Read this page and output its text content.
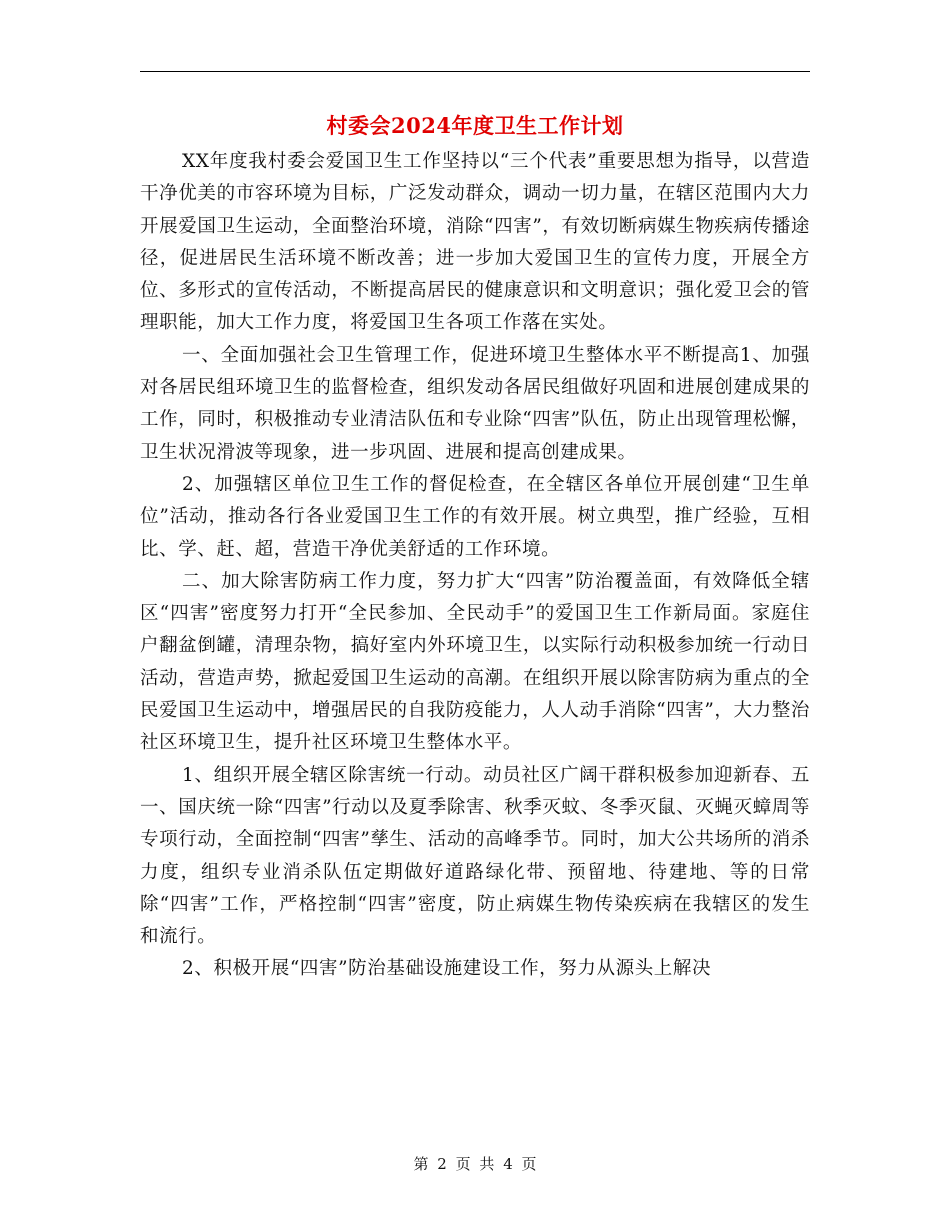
村委会2024年度卫生工作计划

XX年度我村委会爱国卫生工作坚持以“三个代表”重要思想为指导，以营造干净优美的市容环境为目标，广泛发动群众，调动一切力量，在辖区范围内大力开展爱国卫生运动，全面整治环境，消除“四害”，有效切断病媒生物疾病传播途径，促进居民生活环境不断改善；进一步加大爱国卫生的宣传力度，开展全方位、多形式的宣传活动，不断提高居民的健康意识和文明意识；强化爱卫会的管理职能，加大工作力度，将爱国卫生各项工作落在实处。

一、全面加强社会卫生管理工作，促进环境卫生整体水平不断提高1、加强对各居民组环境卫生的监督检查，组织发动各居民组做好巩固和进展创建成果的工作，同时，积极推动专业清洁队伍和专业除“四害”队伍，防止出现管理松懈，卫生状况滑波等现象，进一步巩固、进展和提高创建成果。

2、加强辖区单位卫生工作的督促检查，在全辖区各单位开展创建“卫生单位”活动，推动各行各业爱国卫生工作的有效开展。树立典型，推广经验，互相比、学、赶、超，营造干净优美舒适的工作环境。

二、加大除害防病工作力度，努力扩大“四害”防治覆盖面，有效降低全辖区“四害”密度努力打开“全民参加、全民动手”的爱国卫生工作新局面。家庭住户翻盆倒罐，清理杂物，搞好室内外环境卫生，以实际行动积极参加统一行动日活动，营造声势，掀起爱国卫生运动的高潮。在组织开展以除害防病为重点的全民爱国卫生运动中，增强居民的自我防疫能力，人人动手消除“四害”，大力整治社区环境卫生，提升社区环境卫生整体水平。

1、组织开展全辖区除害统一行动。动员社区广阔干群积极参加迎新春、五一、国庆统一除“四害”行动以及夏季除害、秋季灭蚊、冬季灭鼠、灭蝇灭蟑周等专项行动，全面控制“四害”孳生、活动的高峰季节。同时，加大公共场所的消杀力度，组织专业消杀队伍定期做好道路绿化带、预留地、待建地、等的日常除“四害”工作，严格控制“四害”密度，防止病媒生物传染疾病在我辖区的发生和流行。

2、积极开展“四害”防治基础设施建设工作，努力从源头上解决

第 2 页 共 4 页
